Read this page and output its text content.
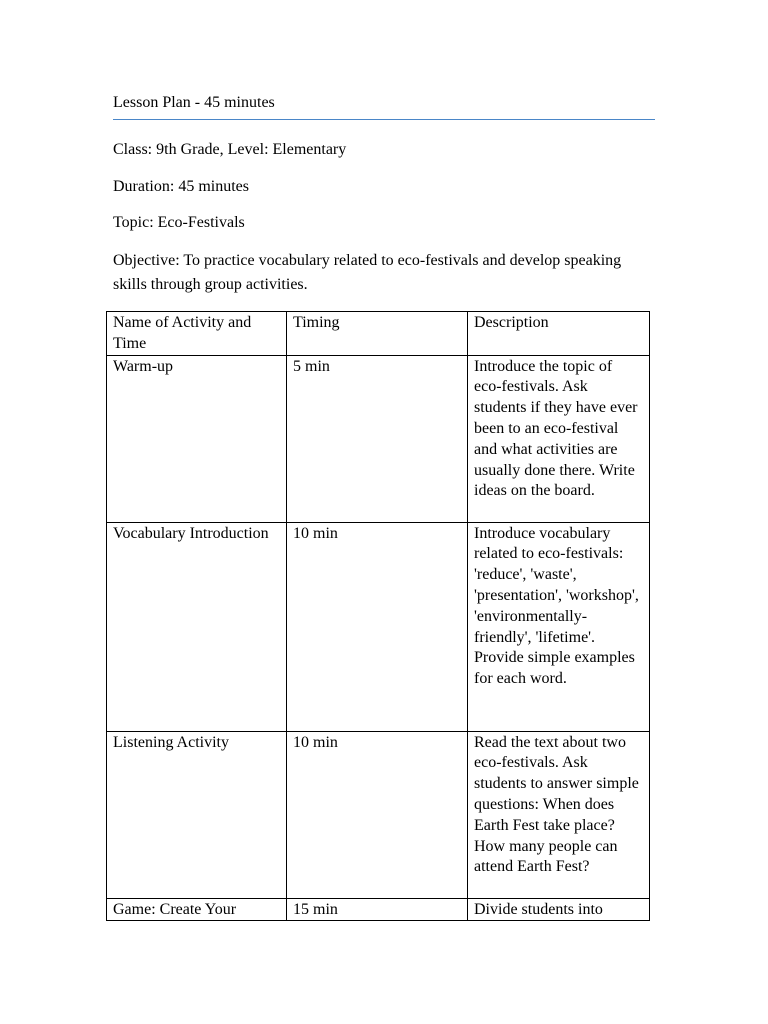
Lesson Plan - 45 minutes
Class: 9th Grade, Level: Elementary
Duration: 45 minutes
Topic: Eco-Festivals
Objective: To practice vocabulary related to eco-festivals and develop speaking skills through group activities.
Name of Activity and Time	Timing	Description
Warm-up	5 min	Introduce the topic of eco-festivals. Ask students if they have ever been to an eco-festival and what activities are usually done there. Write ideas on the board.
Vocabulary Introduction	10 min	Introduce vocabulary related to eco-festivals: 'reduce', 'waste', 'presentation', 'workshop', 'environmentally-friendly', 'lifetime'. Provide simple examples for each word.
Listening Activity	10 min	Read the text about two eco-festivals. Ask students to answer simple questions: When does Earth Fest take place? How many people can attend Earth Fest?
Game: Create Your	15 min	Divide students into
